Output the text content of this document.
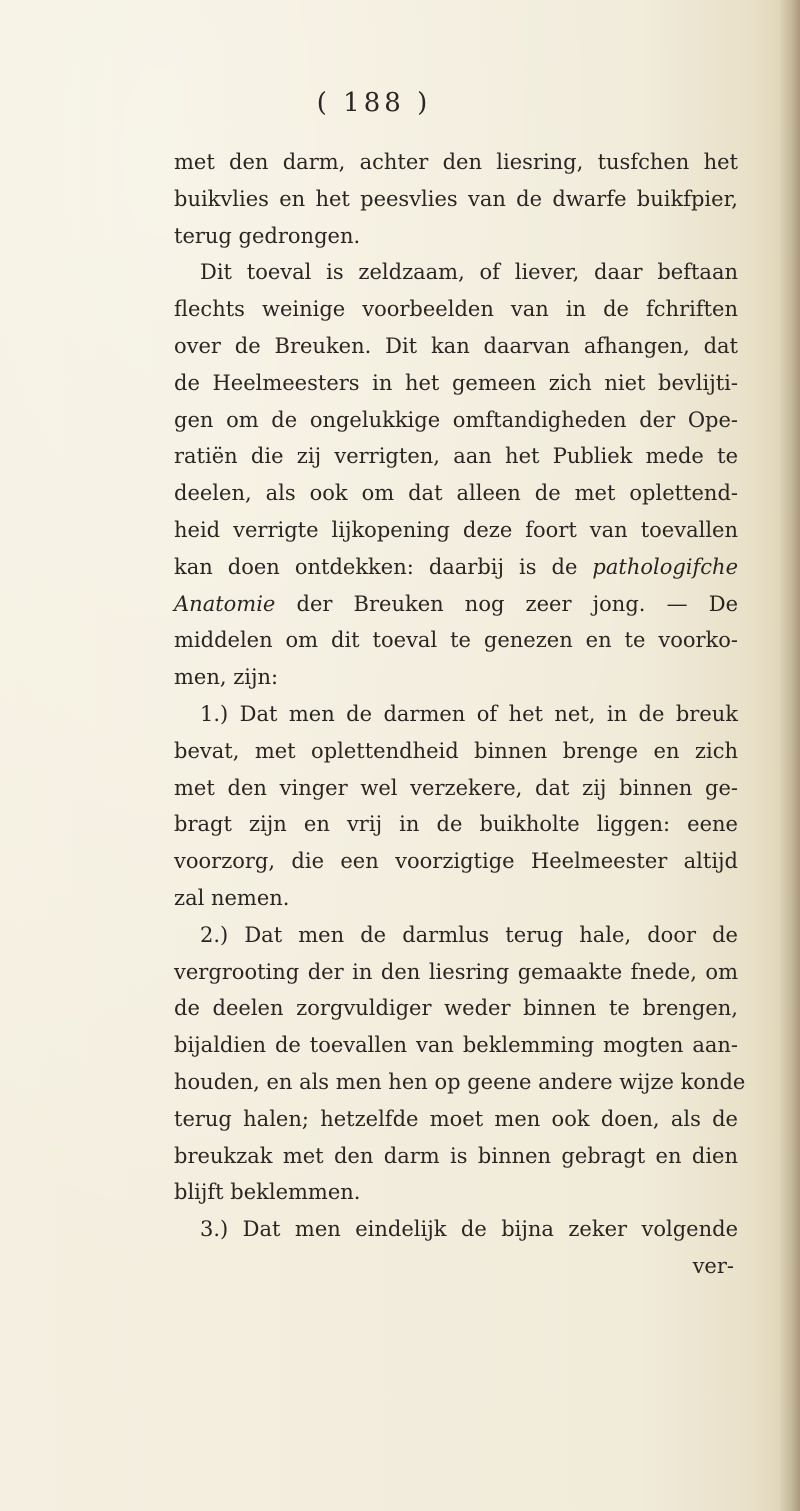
( 188 )
met den darm, achter den liesring, tusfchen het
buikvlies en het peesvlies van de dwarfe buikfpier,
terug gedrongen.
Dit toeval is zeldzaam, of liever, daar beftaan
flechts weinige voorbeelden van in de fchriften
over de Breuken. Dit kan daarvan afhangen, dat
de Heelmeesters in het gemeen zich niet bevlijti-
gen om de ongelukkige omftandigheden der Ope-
ratiën die zij verrigten, aan het Publiek mede te
deelen, als ook om dat alleen de met oplettend-
heid verrigte lijkopening deze foort van toevallen
kan doen ontdekken: daarbij is de pathologifche
Anatomie der Breuken nog zeer jong. — De
middelen om dit toeval te genezen en te voorko-
men, zijn:
1.) Dat men de darmen of het net, in de breuk
bevat, met oplettendheid binnen brenge en zich
met den vinger wel verzekere, dat zij binnen ge-
bragt zijn en vrij in de buikholte liggen: eene
voorzorg, die een voorzigtige Heelmeester altijd
zal nemen.
2.) Dat men de darmlus terug hale, door de
vergrooting der in den liesring gemaakte fnede, om
de deelen zorgvuldiger weder binnen te brengen,
bijaldien de toevallen van beklemming mogten aan-
houden, en als men hen op geene andere wijze konde
terug halen; hetzelfde moet men ook doen, als de
breukzak met den darm is binnen gebragt en dien
blijft beklemmen.
3.) Dat men eindelijk de bijna zeker volgende
ver-
